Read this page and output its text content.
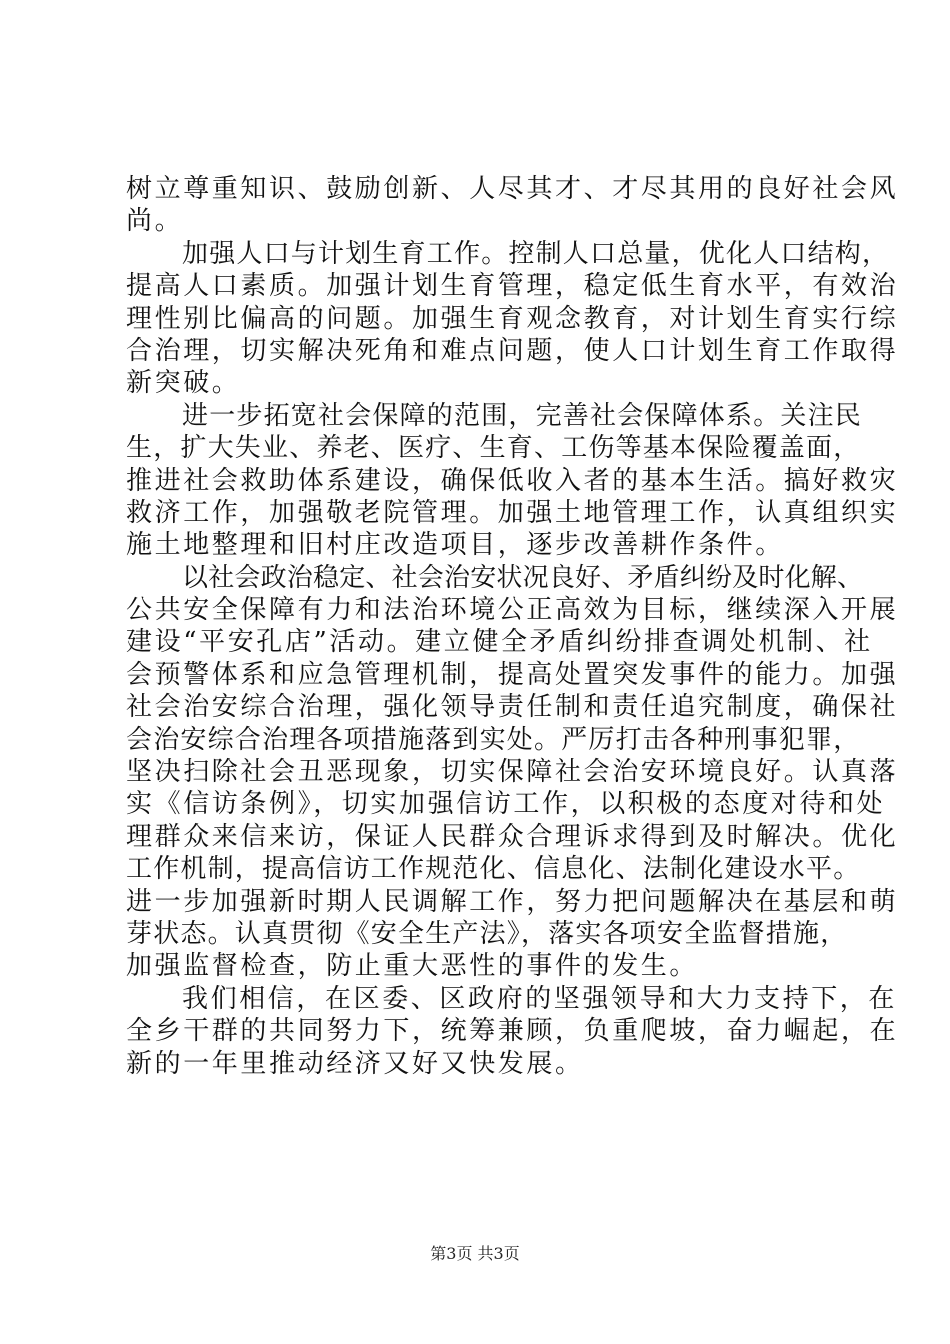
树立尊重知识、鼓励创新、人尽其才、才尽其用的良好社会风
尚。
加强人口与计划生育工作。控制人口总量，优化人口结构，
提高人口素质。加强计划生育管理，稳定低生育水平，有效治
理性别比偏高的问题。加强生育观念教育，对计划生育实行综
合治理，切实解决死角和难点问题，使人口计划生育工作取得
新突破。
进一步拓宽社会保障的范围，完善社会保障体系。关注民
生，扩大失业、养老、医疗、生育、工伤等基本保险覆盖面，
推进社会救助体系建设，确保低收入者的基本生活。搞好救灾
救济工作，加强敬老院管理。加强土地管理工作，认真组织实
施土地整理和旧村庄改造项目，逐步改善耕作条件。
以社会政治稳定、社会治安状况良好、矛盾纠纷及时化解、
公共安全保障有力和法治环境公正高效为目标，继续深入开展
建设“平安孔店”活动。建立健全矛盾纠纷排查调处机制、社
会预警体系和应急管理机制，提高处置突发事件的能力。加强
社会治安综合治理，强化领导责任制和责任追究制度，确保社
会治安综合治理各项措施落到实处。严厉打击各种刑事犯罪，
坚决扫除社会丑恶现象，切实保障社会治安环境良好。认真落
实《信访条例》，切实加强信访工作，以积极的态度对待和处
理群众来信来访，保证人民群众合理诉求得到及时解决。优化
工作机制，提高信访工作规范化、信息化、法制化建设水平。
进一步加强新时期人民调解工作，努力把问题解决在基层和萌
芽状态。认真贯彻《安全生产法》，落实各项安全监督措施，
加强监督检查，防止重大恶性的事件的发生。
我们相信，在区委、区政府的坚强领导和大力支持下，在
全乡干群的共同努力下，统筹兼顾，负重爬坡，奋力崛起，在
新的一年里推动经济又好又快发展。
第3页 共3页
